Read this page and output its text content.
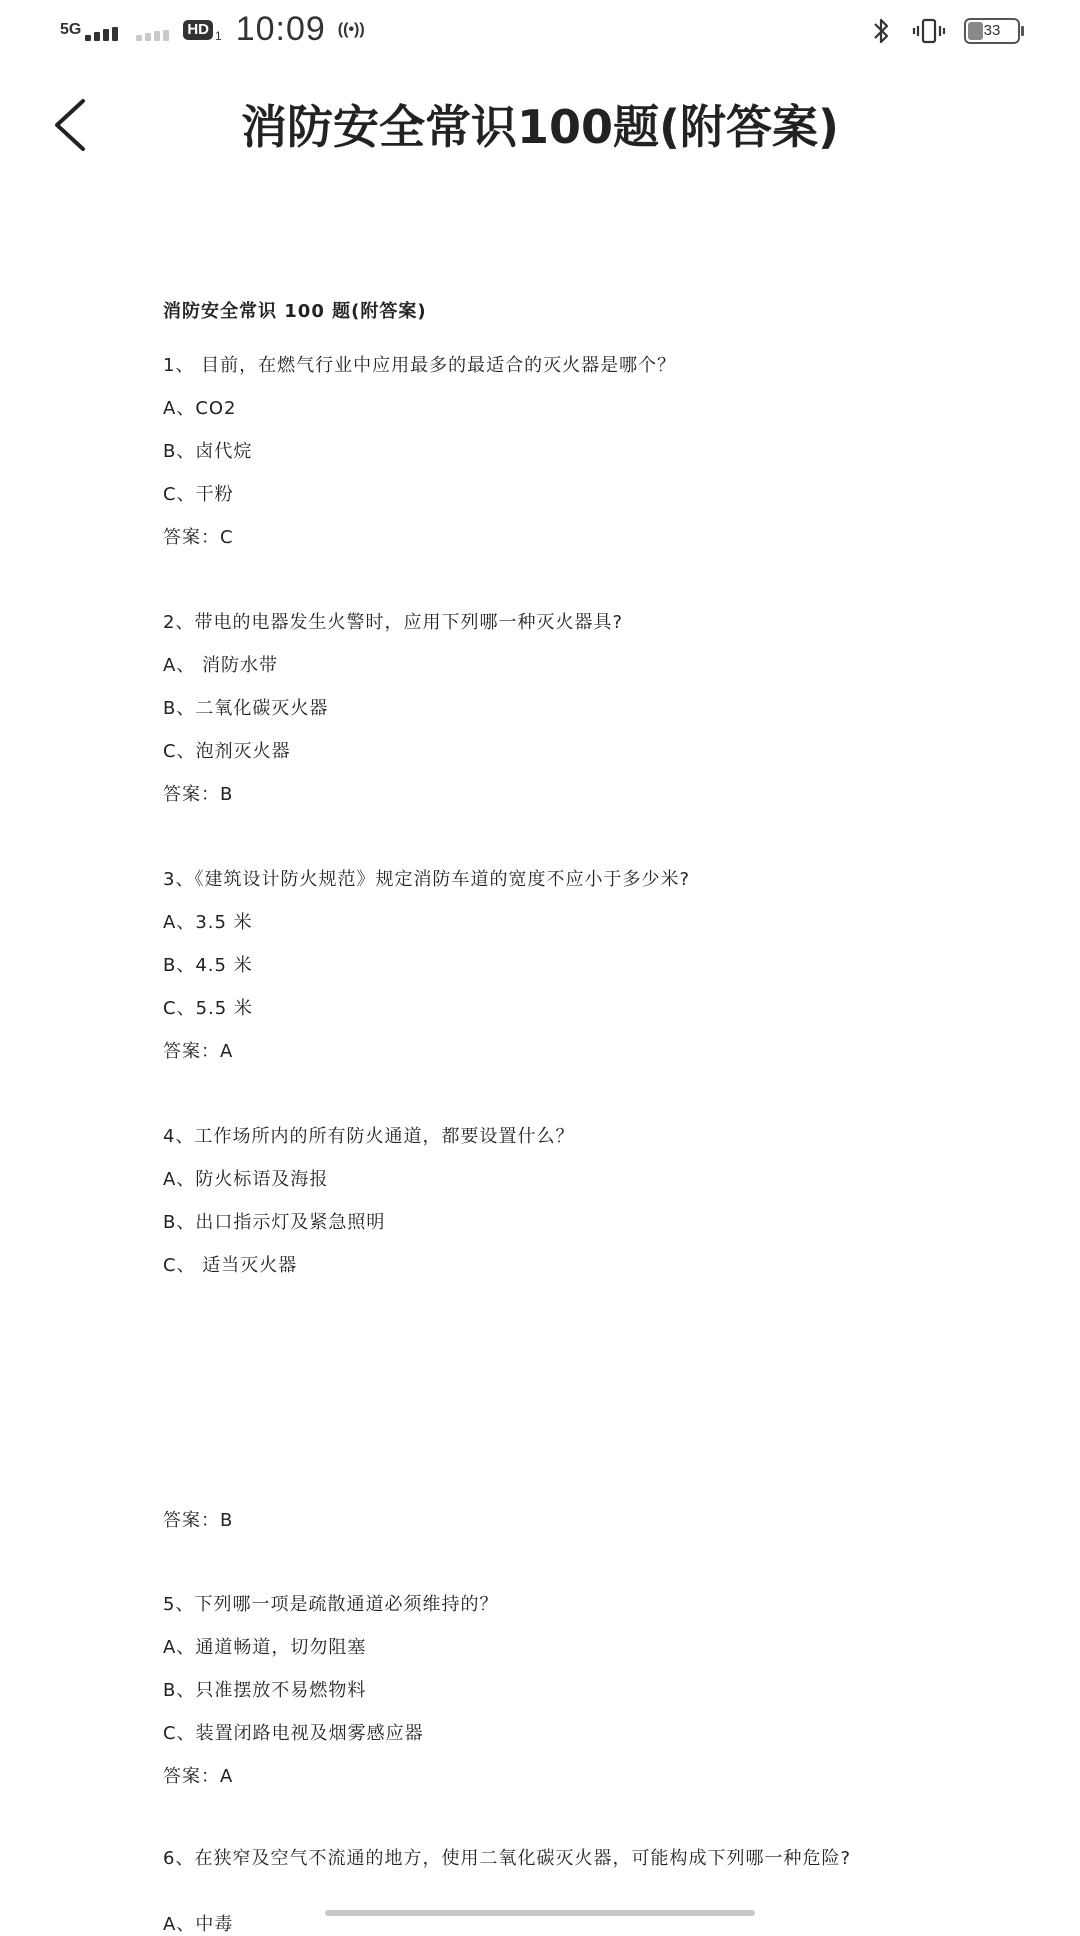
5G	HD 1 10:09 ((•))	33
消防安全常识100题(附答案)
消防安全常识 100 题(附答案)
1、 目前，在燃气行业中应用最多的最适合的灭火器是哪个？
A、CO2
B、卤代烷
C、干粉
答案：C
2、带电的电器发生火警时，应用下列哪一种灭火器具?
A、 消防水带
B、二氧化碳灭火器
C、泡剂灭火器
答案：B
3、《建筑设计防火规范》规定消防车道的宽度不应小于多少米?
A、3.5 米
B、4.5 米
C、5.5 米
答案：A
4、工作场所内的所有防火通道，都要设置什么？
A、防火标语及海报
B、出口指示灯及紧急照明
C、 适当灭火器
答案：B
5、下列哪一项是疏散通道必须维持的？
A、通道畅道，切勿阻塞
B、只准摆放不易燃物料
C、装置闭路电视及烟雾感应器
答案：A
6、在狭窄及空气不流通的地方，使用二氧化碳灭火器，可能构成下列哪一种危险?
A、中毒
